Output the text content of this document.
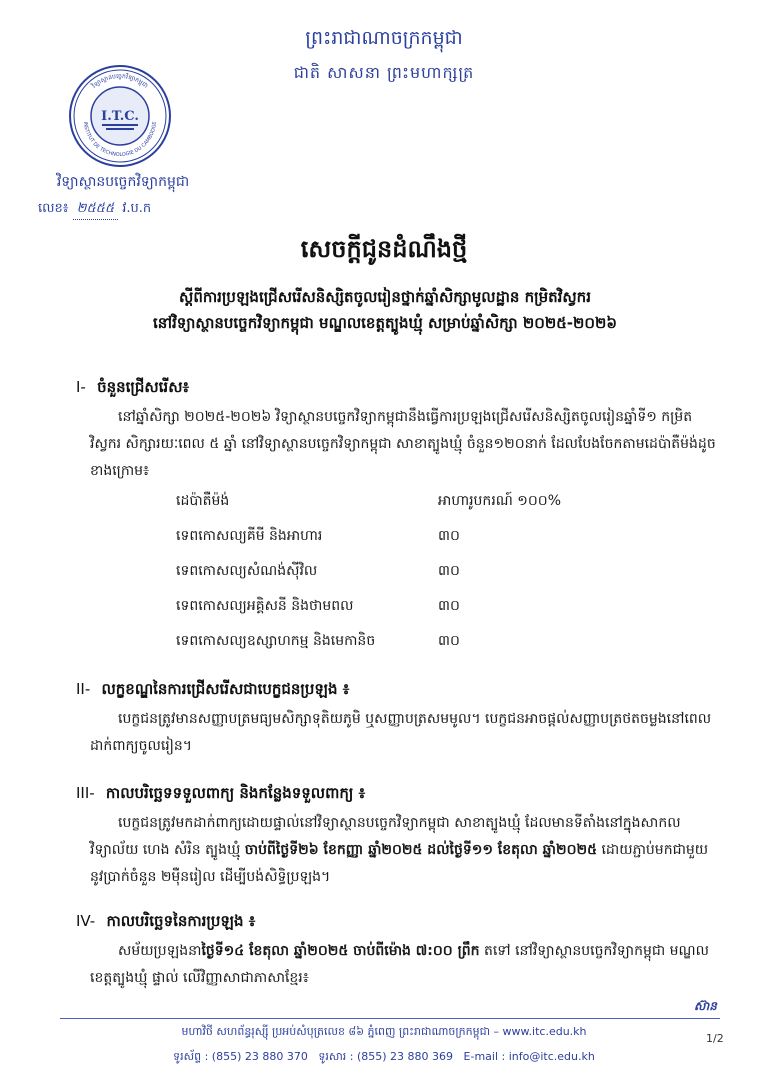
ព្រះរាជាណាចក្រកម្ពុជា
ជាតិ សាសនា ព្រះមហាក្សត្រ
វិទ្យាស្ថានបច្ចេកវិទ្យាកម្ពុជា
INSTITUT DE TECHNOLOGIE DU CAMBODGE
I.T.C.
វិទ្យាស្ថានបច្ចេកវិទ្យាកម្ពុជា
លេខ៖ ២៥៥៥ វ.ប.ក
សេចក្តីជូនដំណឹងថ្មី
ស្តីពីការប្រឡងជ្រើសរើសនិស្សិតចូលរៀនថ្នាក់ឆ្នាំសិក្សាមូលដ្ឋាន កម្រិតវិស្វករ
នៅវិទ្យាស្ថានបច្ចេកវិទ្យាកម្ពុជា មណ្ឌលខេត្តត្បូងឃ្មុំ សម្រាប់ឆ្នាំសិក្សា ២០២៥-២០២៦
I- ចំនួនជ្រើសរើស៖
នៅឆ្នាំសិក្សា ២០២៥-២០២៦ វិទ្យាស្ថានបច្ចេកវិទ្យាកម្ពុជានឹងធ្វើការប្រឡងជ្រើសរើសនិស្សិតចូលរៀនឆ្នាំទី១ កម្រិតវិស្វករ សិក្សារយៈពេល ៥ ឆ្នាំ នៅវិទ្យាស្ថានបច្ចេកវិទ្យាកម្ពុជា សាខាត្បូងឃ្មុំ ចំនួន១២០នាក់ ដែលបែងចែកតាមដេប៉ាតឺម៉ង់ដូចខាងក្រោម៖
ដេប៉ាតឺម៉ង់	អាហារូបករណ៍ ១០០%
ទេពកោសល្យគីមី និងអាហារ	៣០
ទេពកោសល្យសំណង់ស៊ីវិល	៣០
ទេពកោសល្យអគ្គិសនី និងថាមពល	៣០
ទេពកោសល្យឧស្សាហកម្ម និងមេកានិច	៣០
II- លក្ខខណ្ឌនៃការជ្រើសរើសជាបេក្ខជនប្រឡង ៖
បេក្ខជនត្រូវមានសញ្ញាបត្រមធ្យមសិក្សាទុតិយភូមិ ឬសញ្ញាបត្រសមមូល។ បេក្ខជនអាចផ្តល់សញ្ញាបត្រថតចម្លងនៅពេលដាក់ពាក្យចូលរៀន។
III- កាលបរិច្ឆេទទទួលពាក្យ និងកន្លែងទទួលពាក្យ ៖
បេក្ខជនត្រូវមកដាក់ពាក្យដោយផ្ទាល់នៅវិទ្យាស្ថានបច្ចេកវិទ្យាកម្ពុជា សាខាត្បូងឃ្មុំ ដែលមានទីតាំងនៅក្នុងសាកលវិទ្យាល័យ ហេង សំរិន ត្បូងឃ្មុំ ចាប់ពីថ្ងៃទី២៦ ខែកញ្ញា ឆ្នាំ២០២៥ ដល់ថ្ងៃទី១១ ខែតុលា ឆ្នាំ២០២៥ ដោយភ្ជាប់មកជាមួយនូវប្រាក់ចំនួន ២ម៉ឺនរៀល ដើម្បីបង់សិទ្ធិប្រឡង។
IV- កាលបរិច្ឆេទនៃការប្រឡង ៖
សម័យប្រឡងនាថ្ងៃទី១៤ ខែតុលា ឆ្នាំ២០២៥ ចាប់ពីម៉ោង ៧:០០ ព្រឹក តទៅ នៅវិទ្យាស្ថានបច្ចេកវិទ្យាកម្ពុជា មណ្ឌលខេត្តត្បូងឃ្មុំ ផ្ទាល់ លើវិញ្ញាសាជាភាសាខ្មែរ៖
ស៊ាន
មហាវិថី សហព័ន្ធរុស្ស៊ី ប្រអប់សំបុត្រលេខ ៨៦ ភ្នំពេញ ព្រះរាជាណាចក្រកម្ពុជា – www.itc.edu.kh
1/2
ទូរស័ព្ទ : (855) 23 880 370 ទូរសារ : (855) 23 880 369 E-mail : info@itc.edu.kh
